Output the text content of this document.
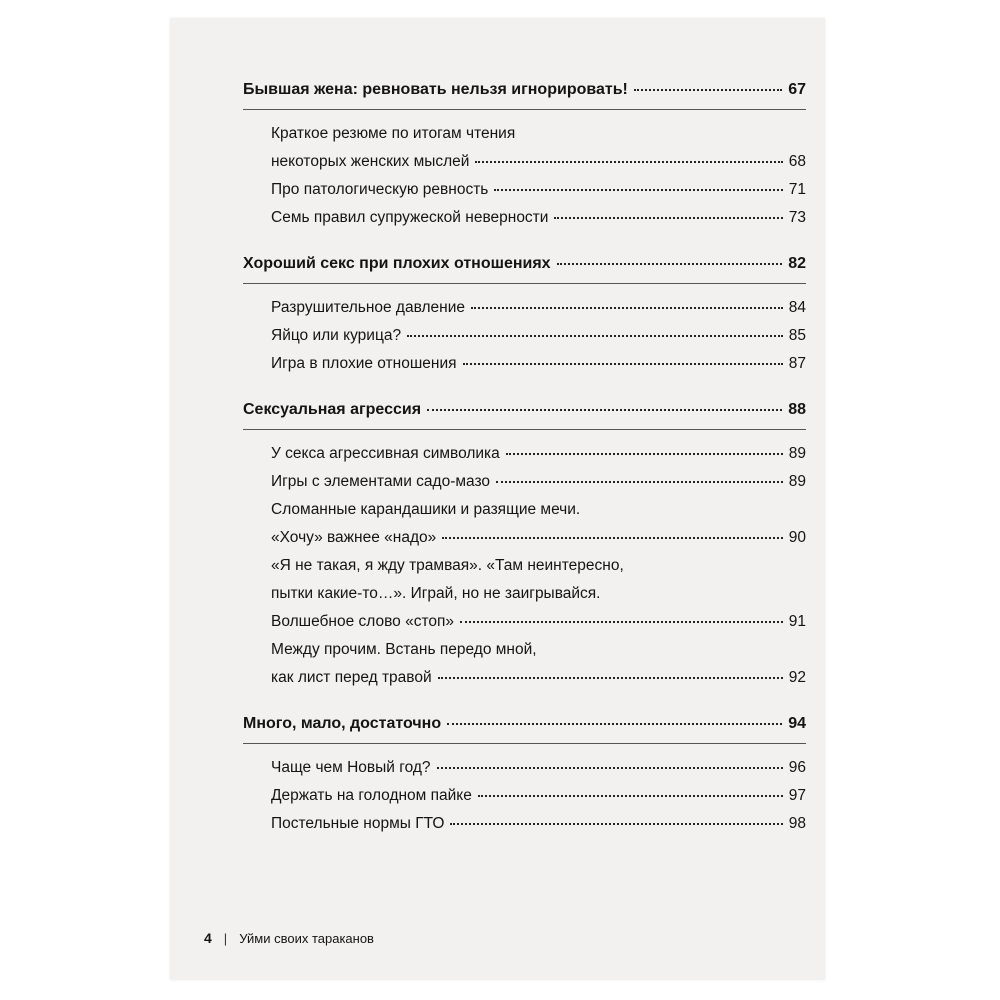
Бывшая жена: ревновать нельзя игнорировать!	67
Краткое резюме по итогам чтения
некоторых женских мыслей	68
Про патологическую ревность	71
Семь правил супружеской неверности	73
Хороший секс при плохих отношениях	82
Разрушительное давление	84
Яйцо или курица?	85
Игра в плохие отношения	87
Сексуальная агрессия	88
У секса агрессивная символика	89
Игры с элементами садо-мазо	89
Сломанные карандашики и разящие мечи.
«Хочу» важнее «надо»	90
«Я не такая, я жду трамвая». «Там неинтересно,
пытки какие-то…». Играй, но не заигрывайся.
Волшебное слово «стоп»	91
Между прочим. Встань передо мной,
как лист перед травой	92
Много, мало, достаточно	94
Чаще чем Новый год?	96
Держать на голодном пайке	97
Постельные нормы ГТО	98
4 | Уйми своих тараканов
